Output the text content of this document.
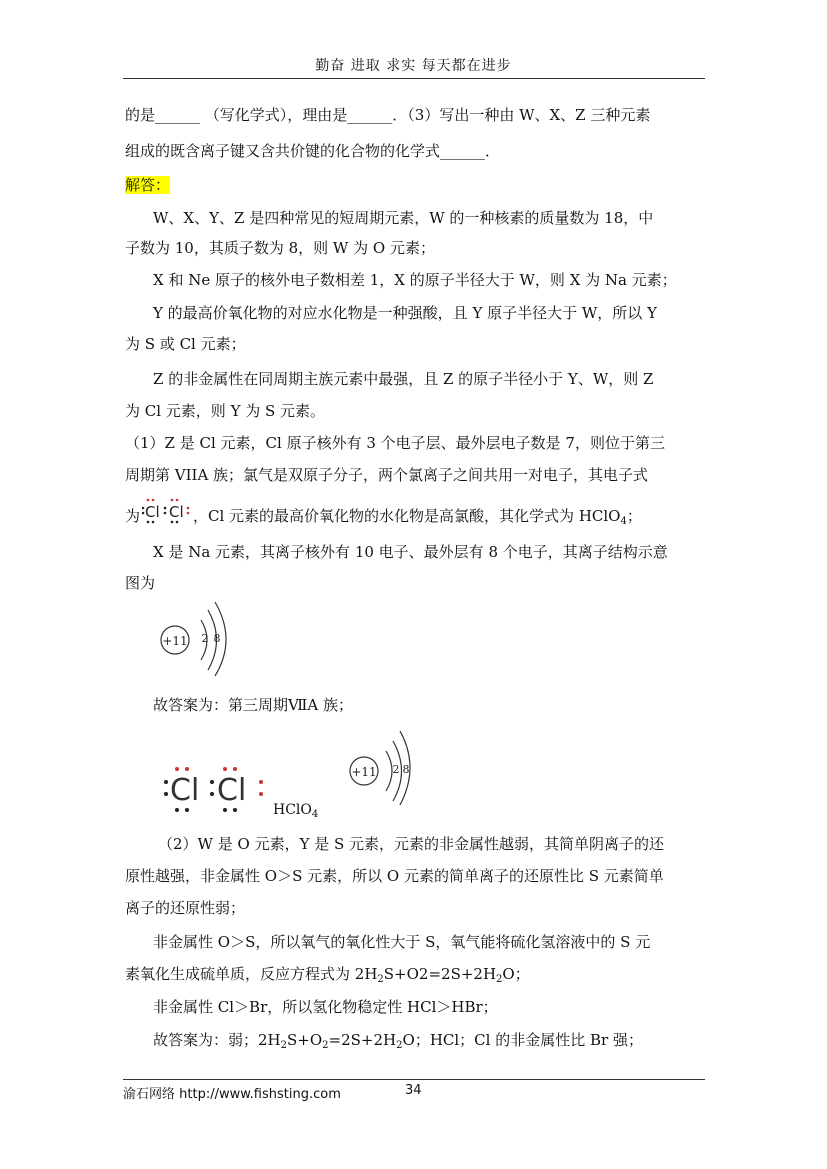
勤奋 进取 求实 每天都在进步
的是______ （写化学式），理由是______．（3）写出一种由 W、X、Z 三种元素
组成的既含离子键又含共价键的化合物的化学式______．
解答：
W、X、Y、Z 是四种常见的短周期元素，W 的一种核素的质量数为 18，中
子数为 10，其质子数为 8，则 W 为 O 元素；
X 和 Ne 原子的核外电子数相差 1，X 的原子半径大于 W，则 X 为 Na 元素；
Y 的最高价氧化物的对应水化物是一种强酸，且 Y 原子半径大于 W，所以 Y
为 S 或 Cl 元素；
Z 的非金属性在同周期主族元素中最强，且 Z 的原子半径小于 Y、W，则 Z
为 Cl 元素，则 Y 为 S 元素。
（1）Z 是 Cl 元素，Cl 原子核外有 3 个电子层、最外层电子数是 7，则位于第三
周期第 VIIA 族；氯气是双原子分子，两个氯离子之间共用一对电子，其电子式
为 Cl Cl ，Cl 元素的最高价氧化物的水化物是高氯酸，其化学式为 HClO$_4$；
X 是 Na 元素，其离子核外有 10 电子、最外层有 8 个电子，其离子结构示意
图为
+11 2 8
故答案为：第三周期ⅦA 族；
Cl Cl
HClO$_4$
+11 2 8
（2）W 是 O 元素，Y 是 S 元素，元素的非金属性越弱，其简单阴离子的还
原性越强，非金属性 O＞S 元素，所以 O 元素的简单离子的还原性比 S 元素简单
离子的还原性弱；
非金属性 O＞S，所以氧气的氧化性大于 S，氧气能将硫化氢溶液中的 S 元
素氧化生成硫单质，反应方程式为 $2H_2S+O2=2S+2H_2O$；
非金属性 Cl＞Br，所以氢化物稳定性 HCl＞HBr；
故答案为：弱；$2H_2S+O_2=2S+2H_2O$；HCl；Cl 的非金属性比 Br 强；
渝石网络 http://www.fishsting.com	34
